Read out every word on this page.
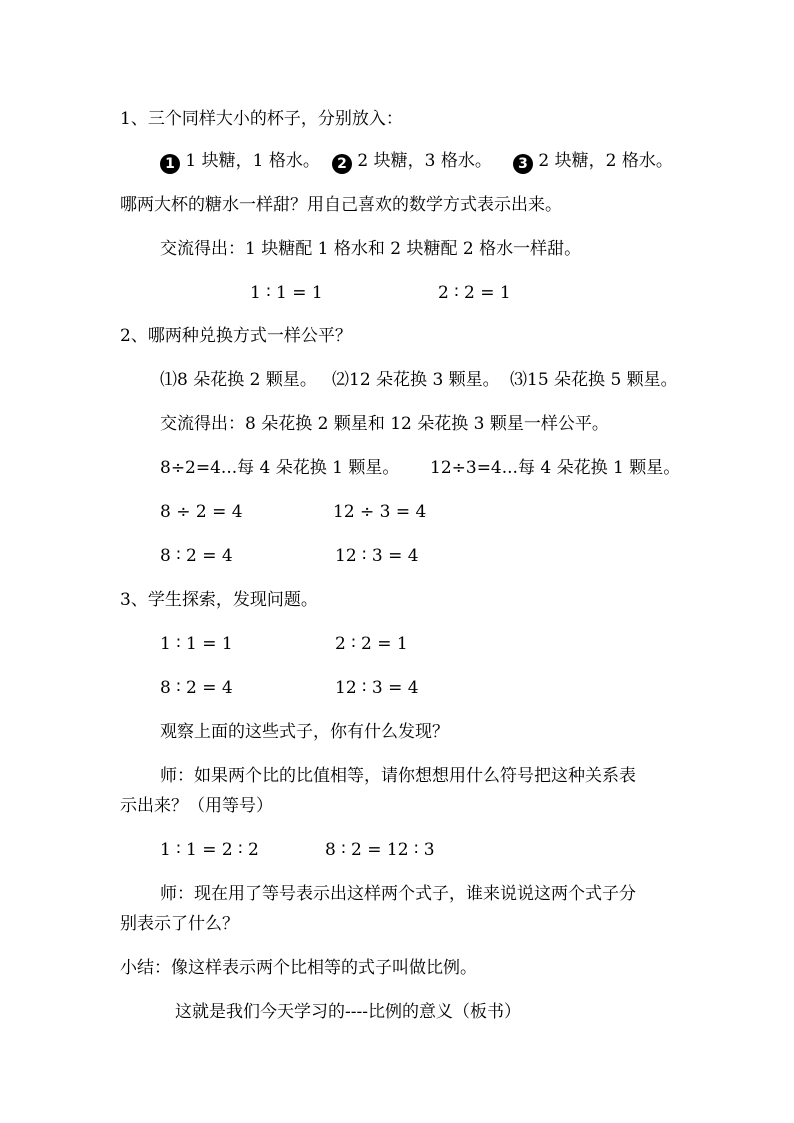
1、三个同样大小的杯子，分别放入：
1 1 块糖，1 格水。	2 2 块糖，3 格水。	3 2 块糖，2 格水。
哪两大杯的糖水一样甜？用自己喜欢的数学方式表示出来。
交流得出：1 块糖配 1 格水和 2 块糖配 2 格水一样甜。
1 ∶ 1 = 1	2 ∶ 2 = 1
2、哪两种兑换方式一样公平？
⑴8 朵花换 2 颗星。 ⑵12 朵花换 3 颗星。 ⑶15 朵花换 5 颗星。
交流得出：8 朵花换 2 颗星和 12 朵花换 3 颗星一样公平。
8÷2=4...每 4 朵花换 1 颗星。 12÷3=4...每 4 朵花换 1 颗星。
8 ÷ 2 = 4	12 ÷ 3 = 4
8 ∶ 2 = 4	12 ∶ 3 = 4
3、学生探索，发现问题。
1 ∶ 1 = 1	2 ∶ 2 = 1
8 ∶ 2 = 4	12 ∶ 3 = 4
观察上面的这些式子，你有什么发现？
师：如果两个比的比值相等，请你想想用什么符号把这种关系表
示出来？（用等号）
1 ∶ 1 = 2 ∶ 2	8 ∶ 2 = 12 ∶ 3
师：现在用了等号表示出这样两个式子，谁来说说这两个式子分
别表示了什么？
小结：像这样表示两个比相等的式子叫做比例。
这就是我们今天学习的----比例的意义（板书）
